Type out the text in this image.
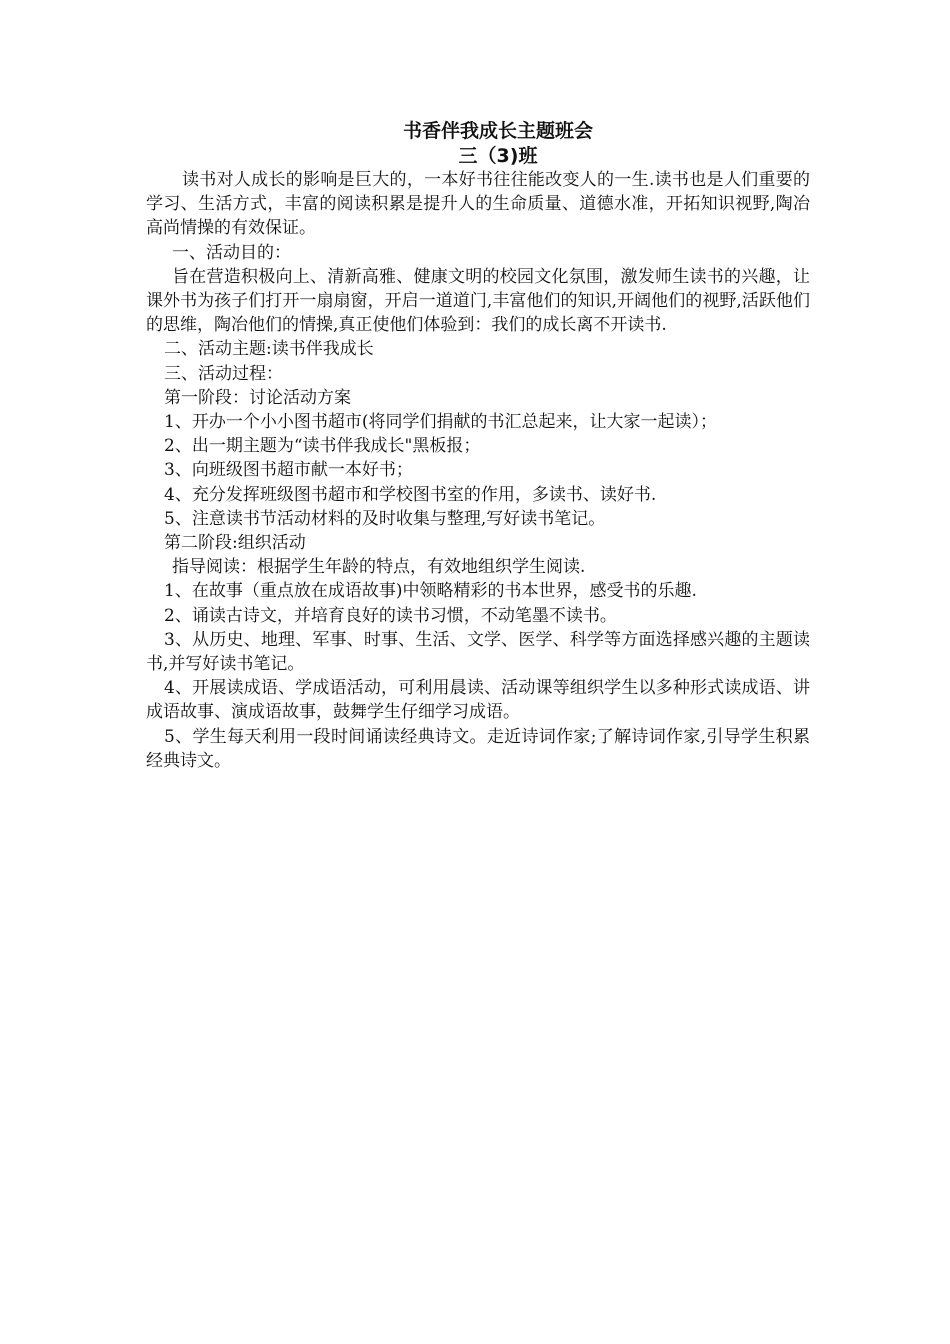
书香伴我成长主题班会
三（3)班

读书对人成长的影响是巨大的，一本好书往往能改变人的一生.读书也是人们重要的学习、生活方式，丰富的阅读积累是提升人的生命质量、道德水准，开拓知识视野,陶冶高尚情操的有效保证。

一、活动目的：

旨在营造积极向上、清新高雅、健康文明的校园文化氛围，激发师生读书的兴趣，让课外书为孩子们打开一扇扇窗，开启一道道门,丰富他们的知识,开阔他们的视野,活跃他们的思维，陶冶他们的情操,真正使他们体验到：我们的成长离不开读书.

二、活动主题:读书伴我成长

三、活动过程：

第一阶段：讨论活动方案

1、开办一个小小图书超市(将同学们捐献的书汇总起来，让大家一起读）；

2、出一期主题为“读书伴我成长"黑板报；

3、向班级图书超市献一本好书；

4、充分发挥班级图书超市和学校图书室的作用，多读书、读好书.

5、注意读书节活动材料的及时收集与整理,写好读书笔记。

第二阶段:组织活动

指导阅读：根据学生年龄的特点，有效地组织学生阅读.

1、在故事（重点放在成语故事)中领略精彩的书本世界，感受书的乐趣.

2、诵读古诗文，并培育良好的读书习惯，不动笔墨不读书。

3、从历史、地理、军事、时事、生活、文学、医学、科学等方面选择感兴趣的主题读书,并写好读书笔记。

4、开展读成语、学成语活动，可利用晨读、活动课等组织学生以多种形式读成语、讲成语故事、演成语故事，鼓舞学生仔细学习成语。

5、学生每天利用一段时间诵读经典诗文。走近诗词作家;了解诗词作家,引导学生积累经典诗文。
